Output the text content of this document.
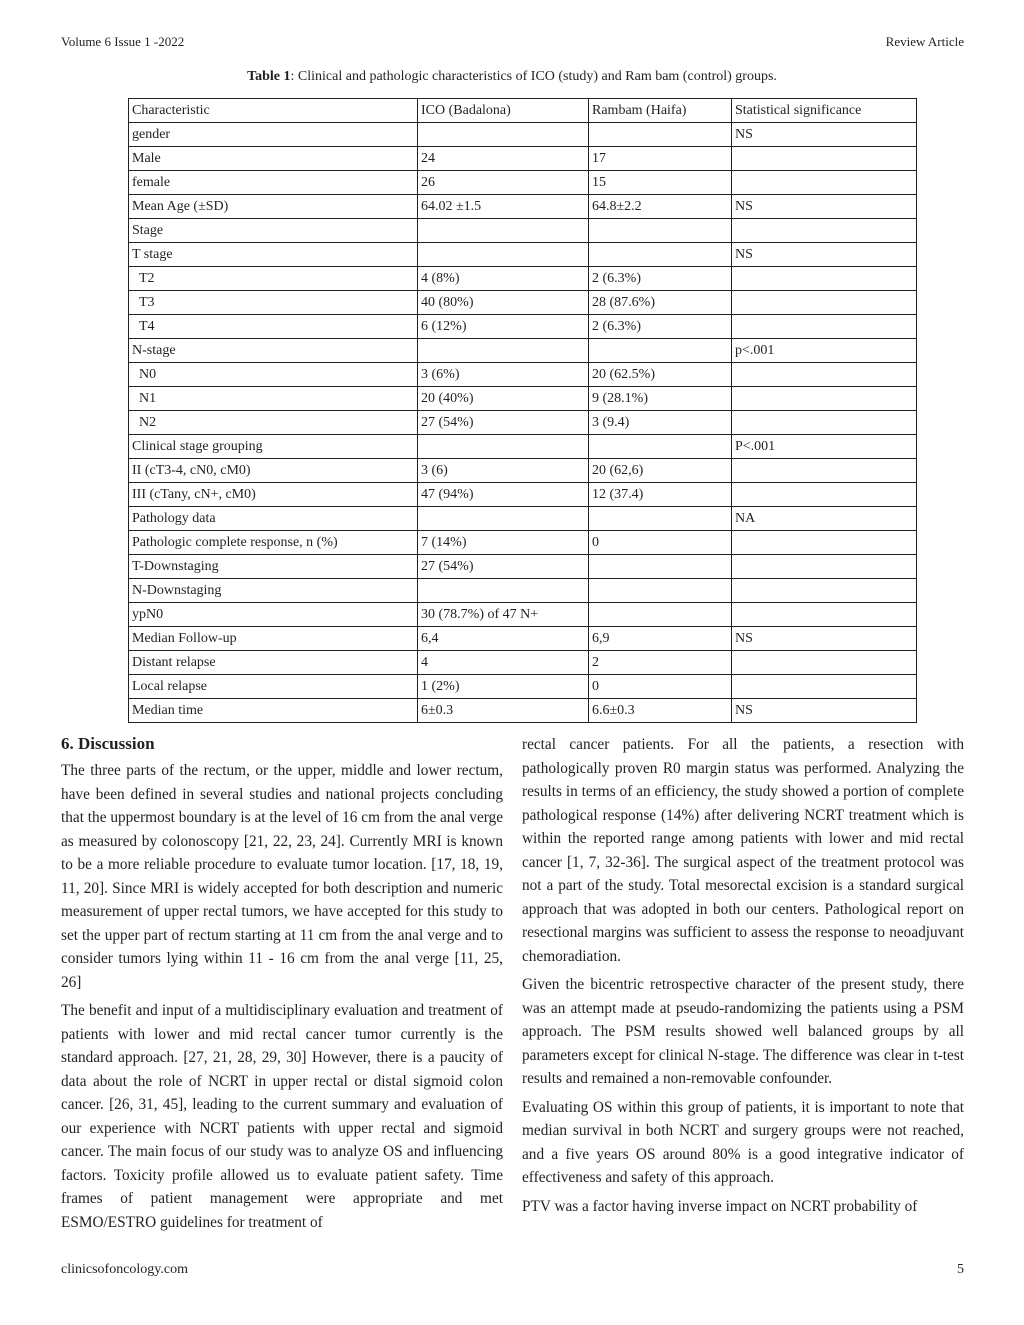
Volume 6 Issue 1 -2022	Review Article
Table 1: Clinical and pathologic characteristics of ICO (study) and Ram bam (control) groups.
Characteristic	ICO (Badalona)	Rambam (Haifa)	Statistical significance
gender			NS
Male	24	17	
female	26	15	
Mean Age (±SD)	64.02 ±1.5	64.8±2.2	NS
Stage			
T stage			NS
T2	4 (8%)	2 (6.3%)	
T3	40 (80%)	28 (87.6%)	
T4	6 (12%)	2 (6.3%)	
N-stage			p<.001
N0	3 (6%)	20 (62.5%)	
N1	20 (40%)	9 (28.1%)	
N2	27 (54%)	3 (9.4)	
Clinical stage grouping			P<.001
II (cT3-4, cN0, cM0)	3 (6)	20 (62,6)	
III (cTany, cN+, cM0)	47 (94%)	12 (37.4)	
Pathology data			NA
Pathologic complete response, n (%)	7 (14%)	0	
T-Downstaging	27 (54%)		
N-Downstaging			
ypN0	30 (78.7%) of 47 N+		
Median Follow-up	6,4	6,9	NS
Distant relapse	4	2	
Local relapse	1 (2%)	0	
Median time	6±0.3	6.6±0.3	NS
6. Discussion

The three parts of the rectum, or the upper, middle and lower rectum, have been defined in several studies and national projects concluding that the uppermost boundary is at the level of 16 cm from the anal verge as measured by colonoscopy [21, 22, 23, 24]. Currently MRI is known to be a more reliable procedure to evaluate tumor location. [17, 18, 19, 11, 20]. Since MRI is widely accepted for both description and numeric measurement of upper rectal tumors, we have accepted for this study to set the upper part of rectum starting at 11 cm from the anal verge and to consider tumors lying within 11 - 16 cm from the anal verge [11, 25, 26]

The benefit and input of a multidisciplinary evaluation and treatment of patients with lower and mid rectal cancer tumor currently is the standard approach. [27, 21, 28, 29, 30] However, there is a paucity of data about the role of NCRT in upper rectal or distal sigmoid colon cancer. [26, 31, 45], leading to the current summary and evaluation of our experience with NCRT patients with upper rectal and sigmoid cancer. The main focus of our study was to analyze OS and influencing factors. Toxicity profile allowed us to evaluate patient safety. Time frames of patient management were appropriate and met ESMO/ESTRO guidelines for treatment of

rectal cancer patients. For all the patients, a resection with pathologically proven R0 margin status was performed. Analyzing the results in terms of an efficiency, the study showed a portion of complete pathological response (14%) after delivering NCRT treatment which is within the reported range among patients with lower and mid rectal cancer [1, 7, 32-36]. The surgical aspect of the treatment protocol was not a part of the study. Total mesorectal excision is a standard surgical approach that was adopted in both our centers. Pathological report on resectional margins was sufficient to assess the response to neoadjuvant chemoradiation.

Given the bicentric retrospective character of the present study, there was an attempt made at pseudo-randomizing the patients using a PSM approach. The PSM results showed well balanced groups by all parameters except for clinical N-stage. The difference was clear in t-test results and remained a non-removable confounder.

Evaluating OS within this group of patients, it is important to note that median survival in both NCRT and surgery groups were not reached, and a five years OS around 80% is a good integrative indicator of effectiveness and safety of this approach.

PTV was a factor having inverse impact on NCRT probability of

clinicsofoncology.com	5
